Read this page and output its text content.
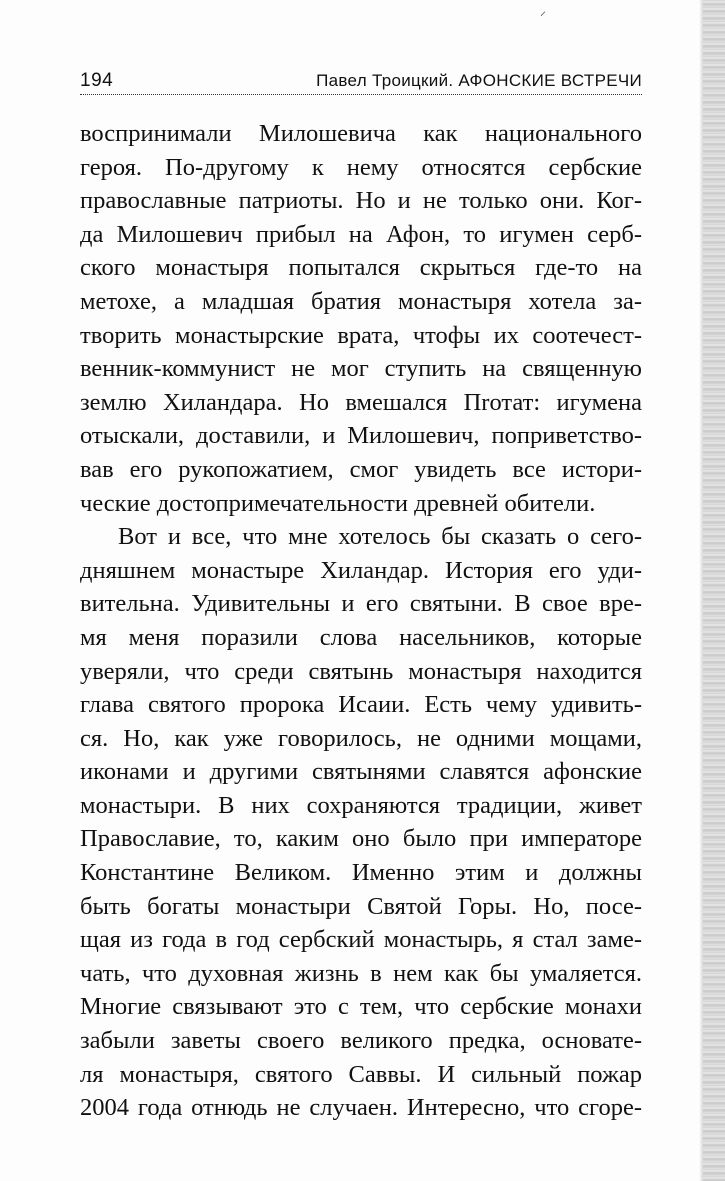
⸝
194	Павел Троицкий. АФОНСКИЕ ВСТРЕЧИ
воспринимали Милошевича как национального
героя. По-другому к нему относятся сербские
православные патриоты. Но и не только они. Ког-
да Милошевич прибыл на Афон, то игумен серб-
ского монастыря попытался скрыться где-то на
метохе, а младшая братия монастыря хотела за-
творить монастырские врата, чтофы их соотечест-
венник-коммунист не мог ступить на священную
землю Хиландара. Но вмешался Пrотат: игумена
отыскали, доставили, и Милошевич, поприветство-
вав его рукопожатием, смог увидеть все истори-
ческие достопримечательности древней обители.
Вот и все, что мне хотелось бы сказать о сего-
дняшнем монастыре Хиландар. История его уди-
вительна. Удивительны и его святыни. В свое вре-
мя меня поразили слова насельников, которые
уверяли, что среди святынь монастыря находится
глава святого пророка Исаии. Есть чему удивить-
ся. Но, как уже говорилось, не одними мощами,
иконами и другими святынями славятся афонские
монастыри. В них сохраняются традиции, живет
Православие, то, каким оно было при императоре
Константине Великом. Именно этим и должны
быть богаты монастыри Святой Горы. Но, посе-
щая из года в год сербский монастырь, я стал заме-
чать, что духовная жизнь в нем как бы умаляется.
Многие связывают это с тем, что сербские монахи
забыли заветы своего великого предка, основате-
ля монастыря, святого Саввы. И сильный пожар
2004 года отнюдь не случаен. Интересно, что сгоре-
